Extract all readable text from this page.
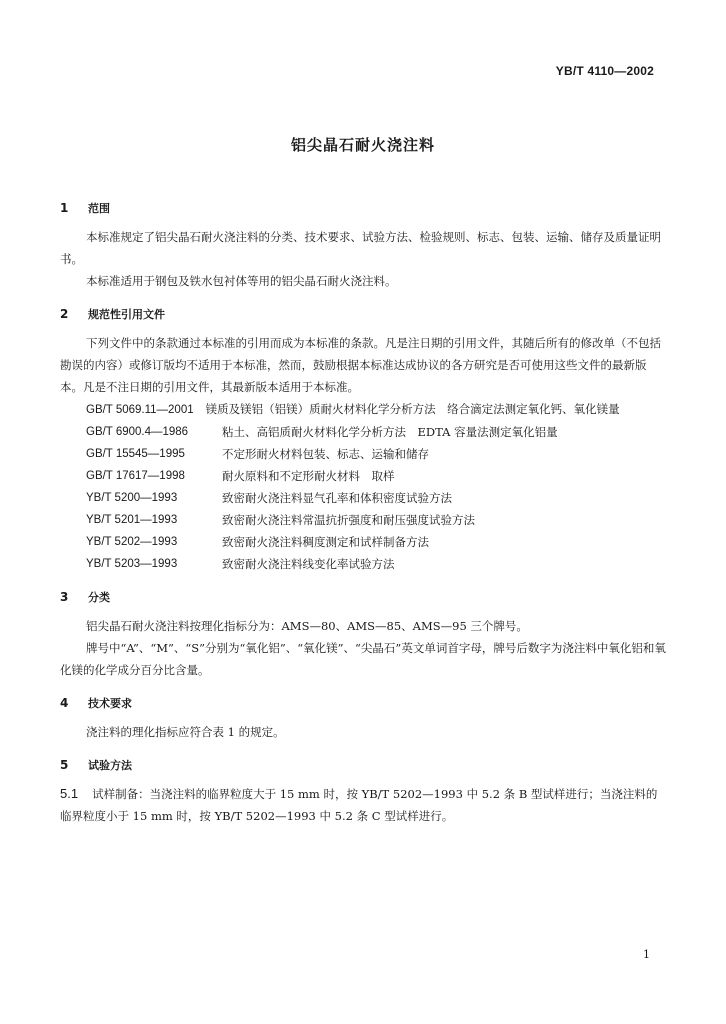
YB/T 4110—2002
铝尖晶石耐火浇注料
1 范围

本标准规定了铝尖晶石耐火浇注料的分类、技术要求、试验方法、检验规则、标志、包装、运输、储存及质量证明书。

本标准适用于钢包及铁水包衬体等用的铝尖晶石耐火浇注料。

2 规范性引用文件

下列文件中的条款通过本标准的引用而成为本标准的条款。凡是注日期的引用文件，其随后所有的修改单（不包括勘误的内容）或修订版均不适用于本标准，然而，鼓励根据本标准达成协议的各方研究是否可使用这些文件的最新版本。凡是不注日期的引用文件，其最新版本适用于本标准。

GB/T 5069.11—2001 镁质及镁铝（铝镁）质耐火材料化学分析方法　络合滴定法测定氧化钙、氧化镁量
GB/T 6900.4—1986	粘土、高铝质耐火材料化学分析方法　EDTA 容量法测定氧化铝量
GB/T 15545—1995	不定形耐火材料包装、标志、运输和储存
GB/T 17617—1998	耐火原料和不定形耐火材料　取样
YB/T 5200—1993	致密耐火浇注料显气孔率和体积密度试验方法
YB/T 5201—1993	致密耐火浇注料常温抗折强度和耐压强度试验方法
YB/T 5202—1993	致密耐火浇注料稠度测定和试样制备方法
YB/T 5203—1993	致密耐火浇注料线变化率试验方法
3 分类

铝尖晶石耐火浇注料按理化指标分为：AMS—80、AMS—85、AMS—95 三个牌号。

牌号中“A”、“M”、“S”分别为“氧化铝”、“氧化镁”、“尖晶石”英文单词首字母，牌号后数字为浇注料中氧化铝和氧化镁的化学成分百分比含量。

4 技术要求

浇注料的理化指标应符合表 1 的规定。

5 试验方法

5.1 试样制备：当浇注料的临界粒度大于 15 mm 时，按 YB/T 5202—1993 中 5.2 条 B 型试样进行；当浇注料的临界粒度小于 15 mm 时，按 YB/T 5202—1993 中 5.2 条 C 型试样进行。

1
